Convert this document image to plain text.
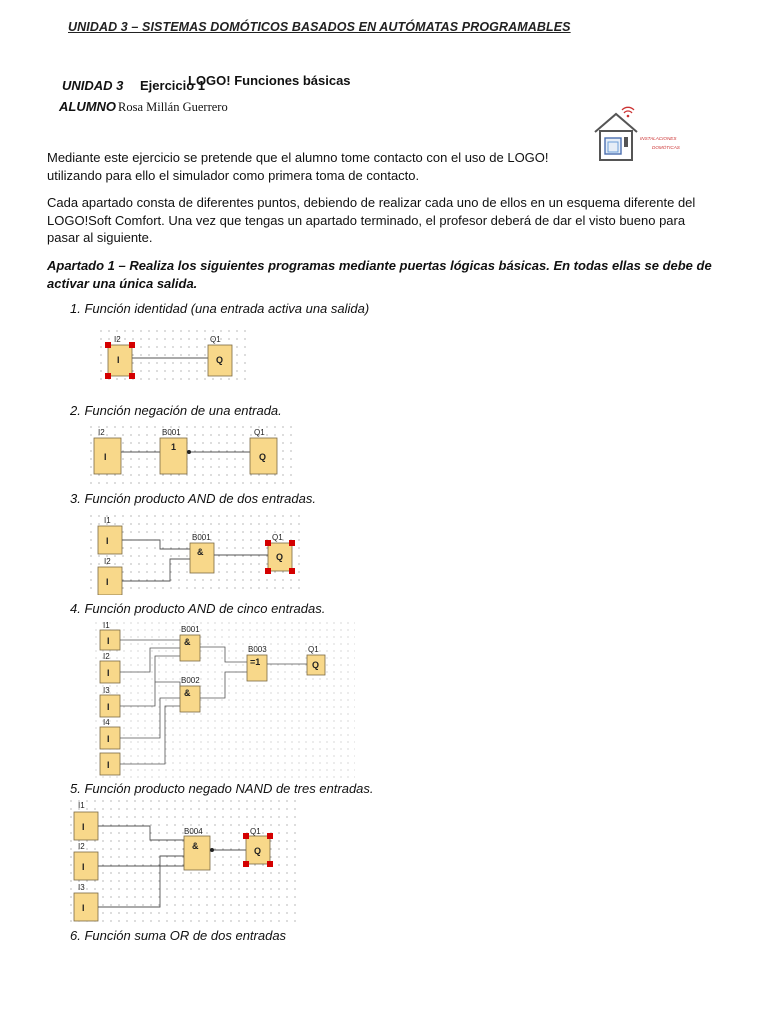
UNIDAD 3 – SISTEMAS DOMÓTICOS BASADOS EN AUTÓMATAS PROGRAMABLES
UNIDAD 3 Ejercicio 1
LOGO! Funciones básicas
ALUMNO Rosa Millán Guerrero
INSTALACIONES
DOMÓTICAS
Mediante este ejercicio se pretende que el alumno tome contacto con el uso de LOGO! utilizando para ello el simulador como primera toma de contacto.
Cada apartado consta de diferentes puntos, debiendo de realizar cada uno de ellos en un esquema diferente del LOGO!Soft Comfort. Una vez que tengas un apartado terminado, el profesor deberá de dar el visto bueno para pasar al siguiente.
Apartado 1 – Realiza los siguientes programas mediante puertas lógicas básicas. En todas ellas se debe de activar una única salida.
1. Función identidad (una entrada activa una salida)
2. Función negación de una entrada.
3. Función producto AND de dos entradas.
4. Función producto AND de cinco entradas.
5. Función producto negado NAND de tres entradas.
6. Función suma OR de dos entradas
I2
I
Q1
Q
I2
I
B001
1
Q1
Q
I1
I
I2
I
B001
&
Q1
Q
I1
I
I2
I
I3
I
I4
I
I
B001
&
B002
&
B003
=1
Q1
Q
I1
I
I2
I
I3
I
B004
&
Q1
Q
